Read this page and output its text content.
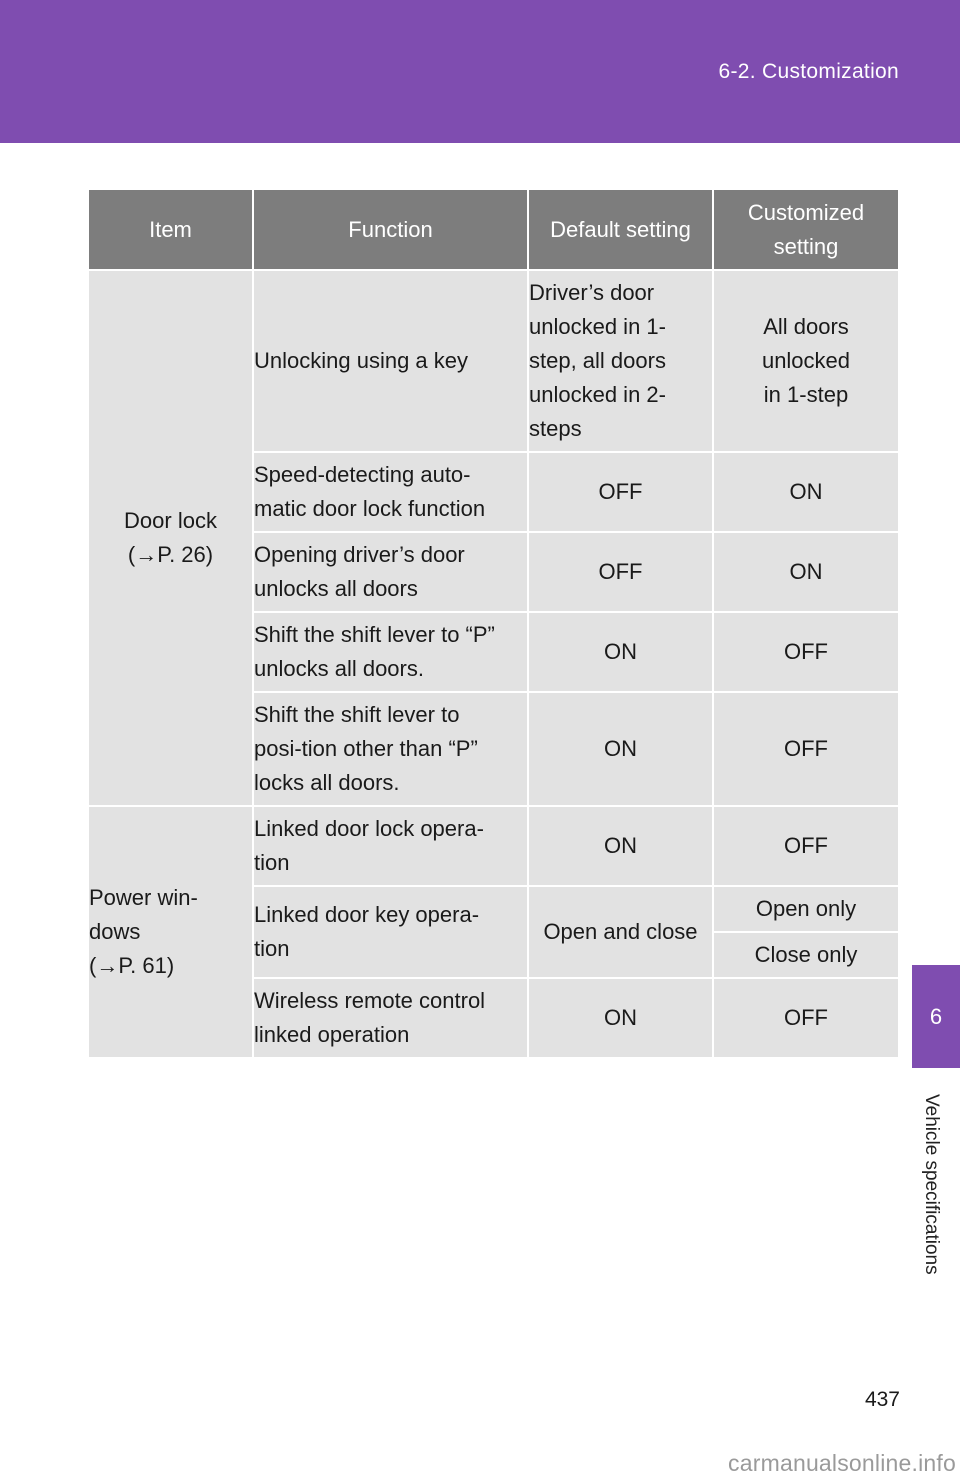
6-2. Customization
6
Vehicle specifications
Item	Function	Default setting	Customized setting

Door lock
(→P. 26)	Unlocking using a key	Driver’s door unlocked in 1-step, all doors unlocked in 2-steps	All doors unlocked in 1-step

	Speed-detecting auto-matic door lock function	OFF	ON

	Opening driver’s door unlocks all doors	OFF	ON

	Shift the shift lever to “P” unlocks all doors.	ON	OFF

	Shift the shift lever to posi-tion other than “P” locks all doors.	ON	OFF

Power win-dows
(→P. 61)	Linked door lock opera-tion	ON	OFF

	Linked door key opera-tion	Open and close	Open only
			Close only

	Wireless remote control linked operation	ON	OFF
437
carmanualsonline.info
